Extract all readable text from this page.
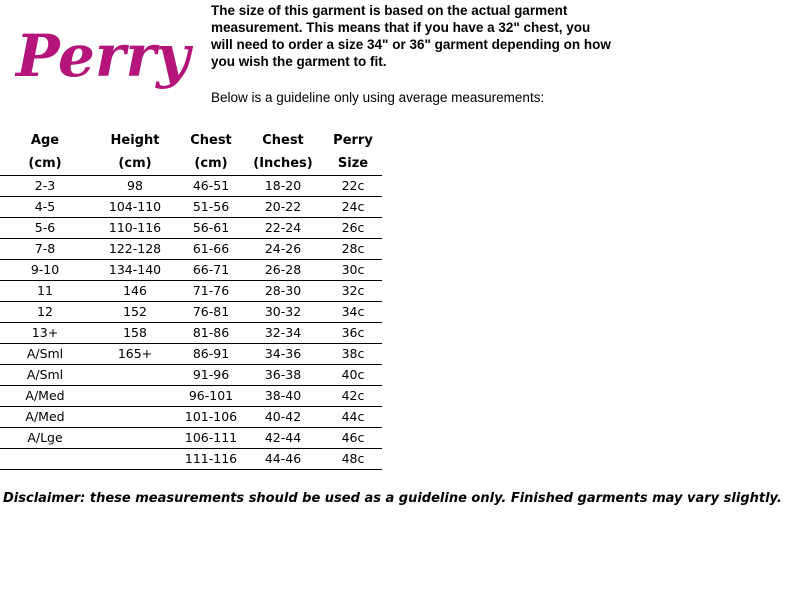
Perry

The size of this garment is based on the actual garment measurement. This means that if you have a 32" chest, you will need to order a size 34" or 36" garment depending on how you wish the garment to fit.

Below is a guideline only using average measurements:

Age	Height	Chest	Chest	Perry
(cm)	(cm)	(cm)	(Inches)	Size
2-3	98	46-51	18-20	22c
4-5	104-110	51-56	20-22	24c
5-6	110-116	56-61	22-24	26c
7-8	122-128	61-66	24-26	28c
9-10	134-140	66-71	26-28	30c
11	146	71-76	28-30	32c
12	152	76-81	30-32	34c
13+	158	81-86	32-34	36c
A/Sml	165+	86-91	34-36	38c
A/Sml		91-96	36-38	40c
A/Med		96-101	38-40	42c
A/Med		101-106	40-42	44c
A/Lge		106-111	42-44	46c
		111-116	44-46	48c

Disclaimer: these measurements should be used as a guideline only. Finished garments may vary slightly.
